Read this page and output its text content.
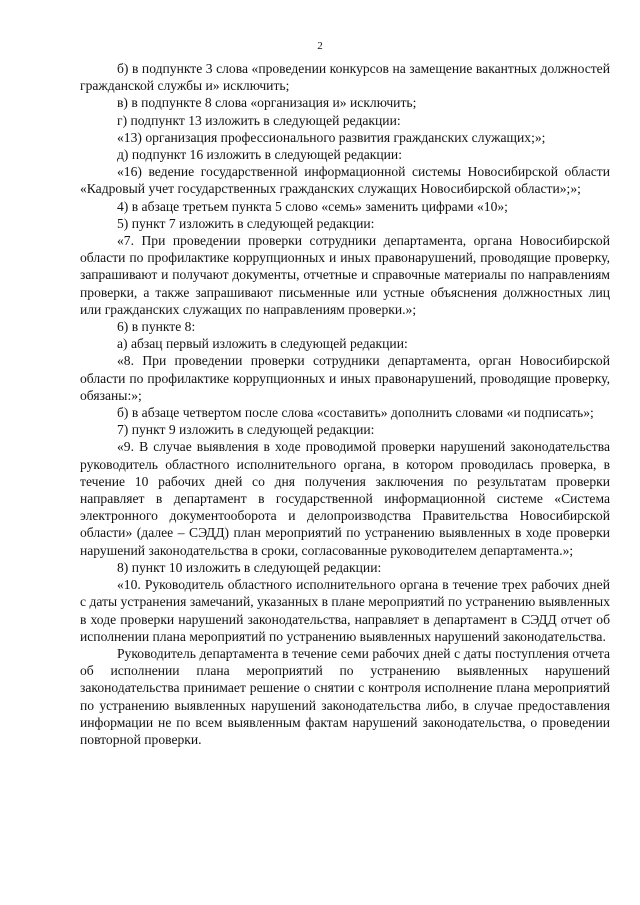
2

б) в подпункте 3 слова «проведении конкурсов на замещение вакантных должностей гражданской службы и» исключить;

в) в подпункте 8 слова «организация и» исключить;

г) подпункт 13 изложить в следующей редакции:

«13) организация профессионального развития гражданских служащих;»;

д) подпункт 16 изложить в следующей редакции:

«16) ведение государственной информационной системы Новосибирской области «Кадровый учет государственных гражданских служащих Новосибирской области»;»;

4) в абзаце третьем пункта 5 слово «семь» заменить цифрами «10»;

5) пункт 7 изложить в следующей редакции:

«7. При проведении проверки сотрудники департамента, органа Новосибирской области по профилактике коррупционных и иных правонарушений, проводящие проверку, запрашивают и получают документы, отчетные и справочные материалы по направлениям проверки, а также запрашивают письменные или устные объяснения должностных лиц или гражданских служащих по направлениям проверки.»;

6) в пункте 8:

а) абзац первый изложить в следующей редакции:

«8. При проведении проверки сотрудники департамента, орган Новосибирской области по профилактике коррупционных и иных правонарушений, проводящие проверку, обязаны:»;

б) в абзаце четвертом после слова «составить» дополнить словами «и подписать»;

7) пункт 9 изложить в следующей редакции:

«9. В случае выявления в ходе проводимой проверки нарушений законодательства руководитель областного исполнительного органа, в котором проводилась проверка, в течение 10 рабочих дней со дня получения заключения по результатам проверки направляет в департамент в государственной информационной системе «Система электронного документооборота и делопроизводства Правительства Новосибирской области» (далее – СЭДД) план мероприятий по устранению выявленных в ходе проверки нарушений законодательства в сроки, согласованные руководителем департамента.»;

8) пункт 10 изложить в следующей редакции:

«10. Руководитель областного исполнительного органа в течение трех рабочих дней с даты устранения замечаний, указанных в плане мероприятий по устранению выявленных в ходе проверки нарушений законодательства, направляет в департамент в СЭДД отчет об исполнении плана мероприятий по устранению выявленных нарушений законодательства.

Руководитель департамента в течение семи рабочих дней с даты поступления отчета об исполнении плана мероприятий по устранению выявленных нарушений законодательства принимает решение о снятии с контроля исполнение плана мероприятий по устранению выявленных нарушений законодательства либо, в случае предоставления информации не по всем выявленным фактам нарушений законодательства, о проведении повторной проверки.
